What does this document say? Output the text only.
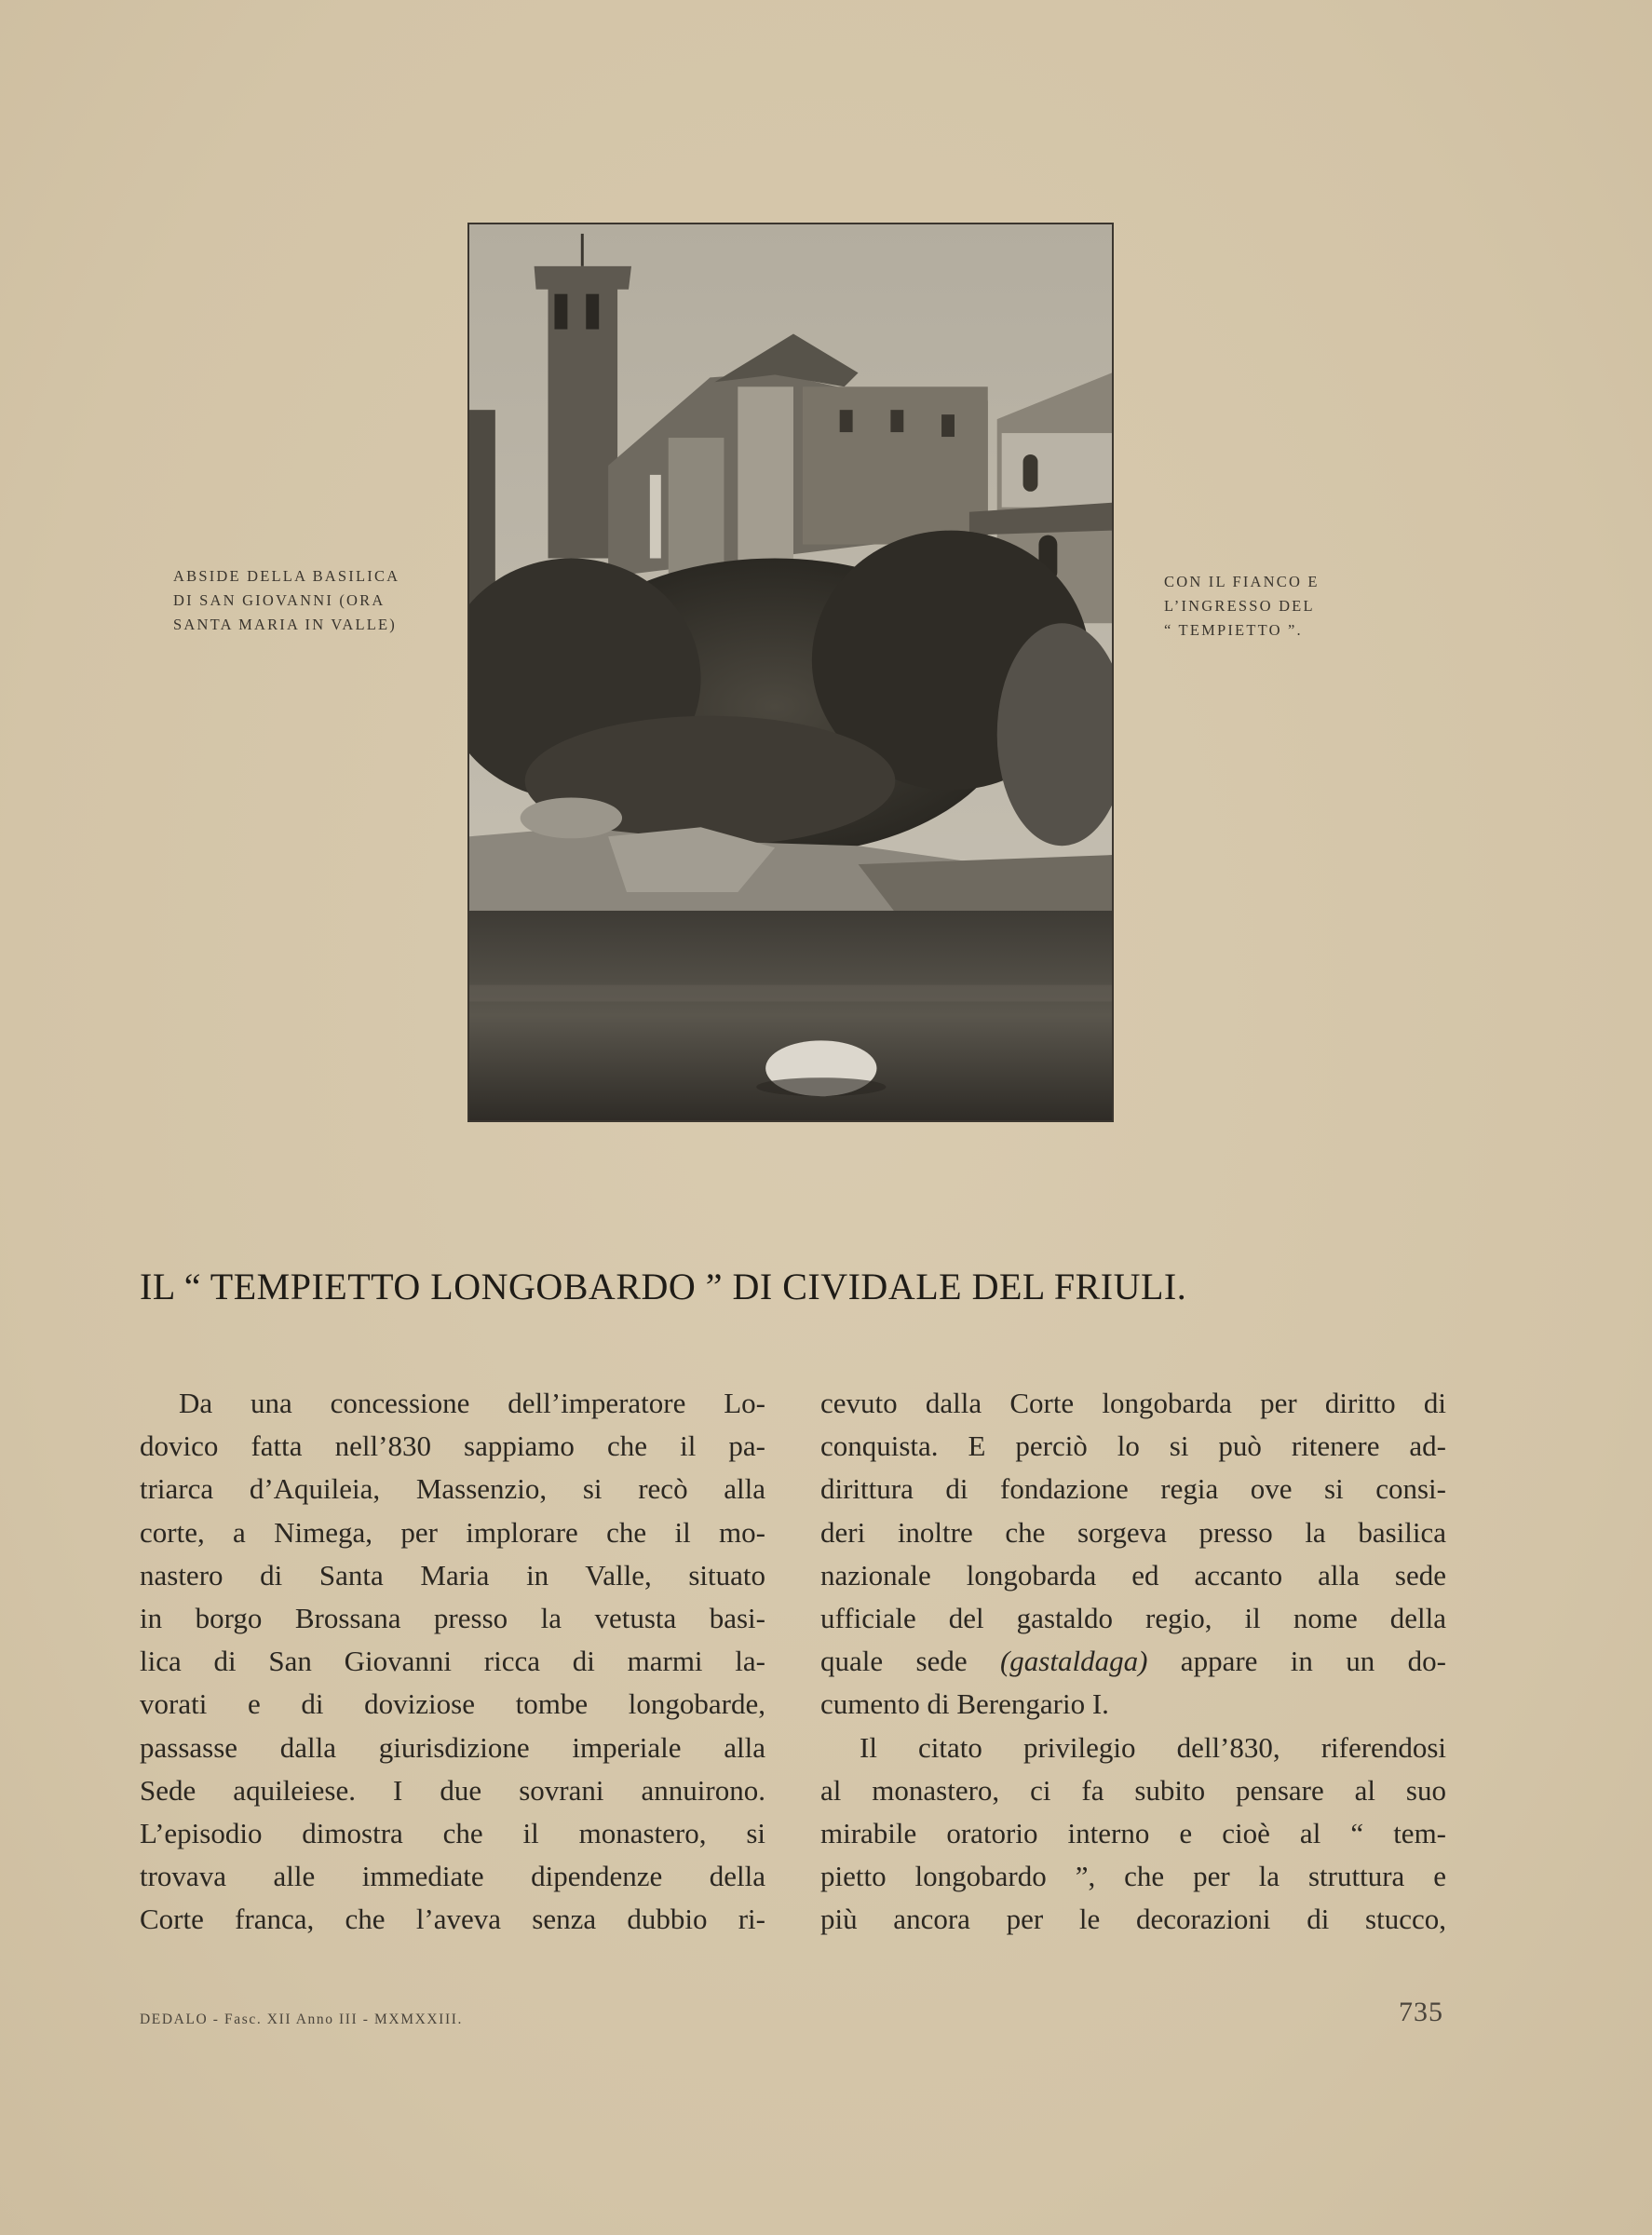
ABSIDE DELLA BASILICA
DI SAN GIOVANNI (ORA
SANTA MARIA IN VALLE)
CON IL FIANCO E
L’INGRESSO DEL
“ TEMPIETTO ”.
IL “ TEMPIETTO LONGOBARDO ” DI CIVIDALE DEL FRIULI.
Da una concessione dell’imperatore Lo-
dovico fatta nell’830 sappiamo che il pa-
triarca d’Aquileia, Massenzio, si recò alla
corte, a Nimega, per implorare che il mo-
nastero di Santa Maria in Valle, situato
in borgo Brossana presso la vetusta basi-
lica di San Giovanni ricca di marmi la-
vorati e di doviziose tombe longobarde,
passasse dalla giurisdizione imperiale alla
Sede aquileiese. I due sovrani annuirono.
L’episodio dimostra che il monastero, si
trovava alle immediate dipendenze della
Corte franca, che l’aveva senza dubbio ri-
cevuto dalla Corte longobarda per diritto di
conquista. E perciò lo si può ritenere ad-
dirittura di fondazione regia ove si consi-
deri inoltre che sorgeva presso la basilica
nazionale longobarda ed accanto alla sede
ufficiale del gastaldo regio, il nome della
quale sede (gastaldaga) appare in un do-
cumento di Berengario I.
Il citato privilegio dell’830, riferendosi
al monastero, ci fa subito pensare al suo
mirabile oratorio interno e cioè al “ tem-
pietto longobardo ”, che per la struttura e
più ancora per le decorazioni di stucco,
DEDALO - Fasc. XII Anno III - MXMXXIII.	735
